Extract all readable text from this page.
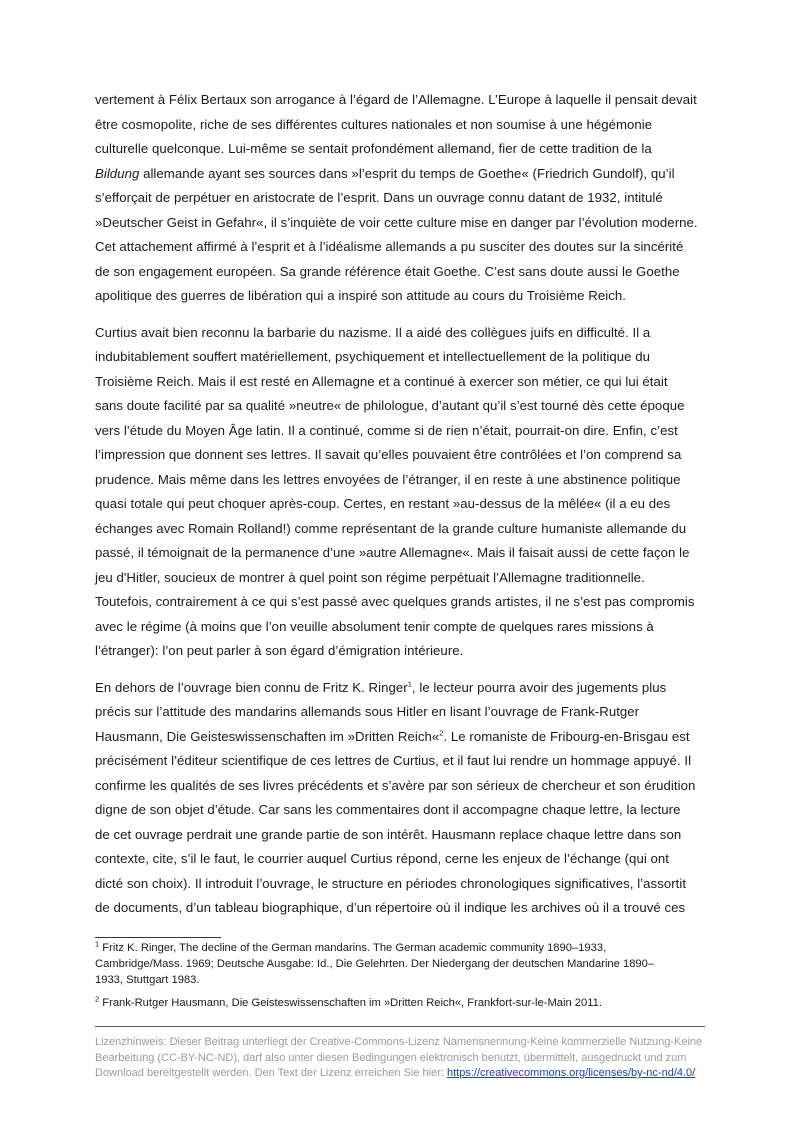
vertement à Félix Bertaux son arrogance à l’égard de l’Allemagne. L’Europe à laquelle il pensait devait
être cosmopolite, riche de ses différentes cultures nationales et non soumise à une hégémonie
culturelle quelconque. Lui-même se sentait profondément allemand, fier de cette tradition de la
Bildung allemande ayant ses sources dans »l’esprit du temps de Goethe« (Friedrich Gundolf), qu’il
s’efforçait de perpétuer en aristocrate de l’esprit. Dans un ouvrage connu datant de 1932, intitulé
»Deutscher Geist in Gefahr«, il s’inquiète de voir cette culture mise en danger par l’évolution moderne.
Cet attachement affirmé à l’esprit et à l’idéalisme allemands a pu susciter des doutes sur la sincérité
de son engagement européen. Sa grande référence était Goethe. C’est sans doute aussi le Goethe
apolitique des guerres de libération qui a inspiré son attitude au cours du Troisième Reich.

Curtius avait bien reconnu la barbarie du nazisme. Il a aidé des collègues juifs en difficulté. Il a
indubitablement souffert matériellement, psychiquement et intellectuellement de la politique du
Troisième Reich. Mais il est resté en Allemagne et a continué à exercer son métier, ce qui lui était
sans doute facilité par sa qualité »neutre« de philologue, d’autant qu’il s’est tourné dès cette époque
vers l’étude du Moyen Âge latin. Il a continué, comme si de rien n’était, pourrait-on dire. Enfin, c’est
l’impression que donnent ses lettres. Il savait qu’elles pouvaient être contrôlées et l’on comprend sa
prudence. Mais même dans les lettres envoyées de l’étranger, il en reste à une abstinence politique
quasi totale qui peut choquer après-coup. Certes, en restant »au-dessus de la mêlée« (il a eu des
échanges avec Romain Rolland!) comme représentant de la grande culture humaniste allemande du
passé, il témoignait de la permanence d’une »autre Allemagne«. Mais il faisait aussi de cette façon le
jeu d'Hitler, soucieux de montrer à quel point son régime perpétuait l’Allemagne traditionnelle.
Toutefois, contrairement à ce qui s’est passé avec quelques grands artistes, il ne s’est pas compromis
avec le régime (à moins que l’on veuille absolument tenir compte de quelques rares missions à
l’étranger): l’on peut parler à son égard d’émigration intérieure.

En dehors de l’ouvrage bien connu de Fritz K. Ringer$^1$, le lecteur pourra avoir des jugements plus
précis sur l’attitude des mandarins allemands sous Hitler en lisant l’ouvrage de Frank-Rutger
Hausmann, Die Geisteswissenschaften im »Dritten Reich«$^2$. Le romaniste de Fribourg-en-Brisgau est
précisément l’éditeur scientifique de ces lettres de Curtius, et il faut lui rendre un hommage appuyé. Il
confirme les qualités de ses livres précédents et s’avère par son sérieux de chercheur et son érudition
digne de son objet d’étude. Car sans les commentaires dont il accompagne chaque lettre, la lecture
de cet ouvrage perdrait une grande partie de son intérêt. Hausmann replace chaque lettre dans son
contexte, cite, s’il le faut, le courrier auquel Curtius répond, cerne les enjeux de l’échange (qui ont
dicté son choix). Il introduit l’ouvrage, le structure en périodes chronologiques significatives, l’assortit
de documents, d’un tableau biographique, d’un répertoire où il indique les archives où il a trouvé ces

$^1$ Fritz K. Ringer, The decline of the German mandarins. The German academic community 1890–1933,
Cambridge/Mass. 1969; Deutsche Ausgabe: Id., Die Gelehrten. Der Niedergang der deutschen Mandarine 1890–
1933, Stuttgart 1983.
$^2$ Frank-Rutger Hausmann, Die Geisteswissenschaften im »Dritten Reich«, Frankfort-sur-le-Main 2011.
Lizenzhinweis: Dieser Beitrag unterliegt der Creative-Commons-Lizenz Namensnennung-Keine kommerzielle Nutzung-Keine
Bearbeitung (CC-BY-NC-ND), darf also unter diesen Bedingungen elektronisch benutzt, übermittelt, ausgedruckt und zum
Download bereitgestellt werden. Den Text der Lizenz erreichen Sie hier: https://creativecommons.org/licenses/by-nc-nd/4.0/
